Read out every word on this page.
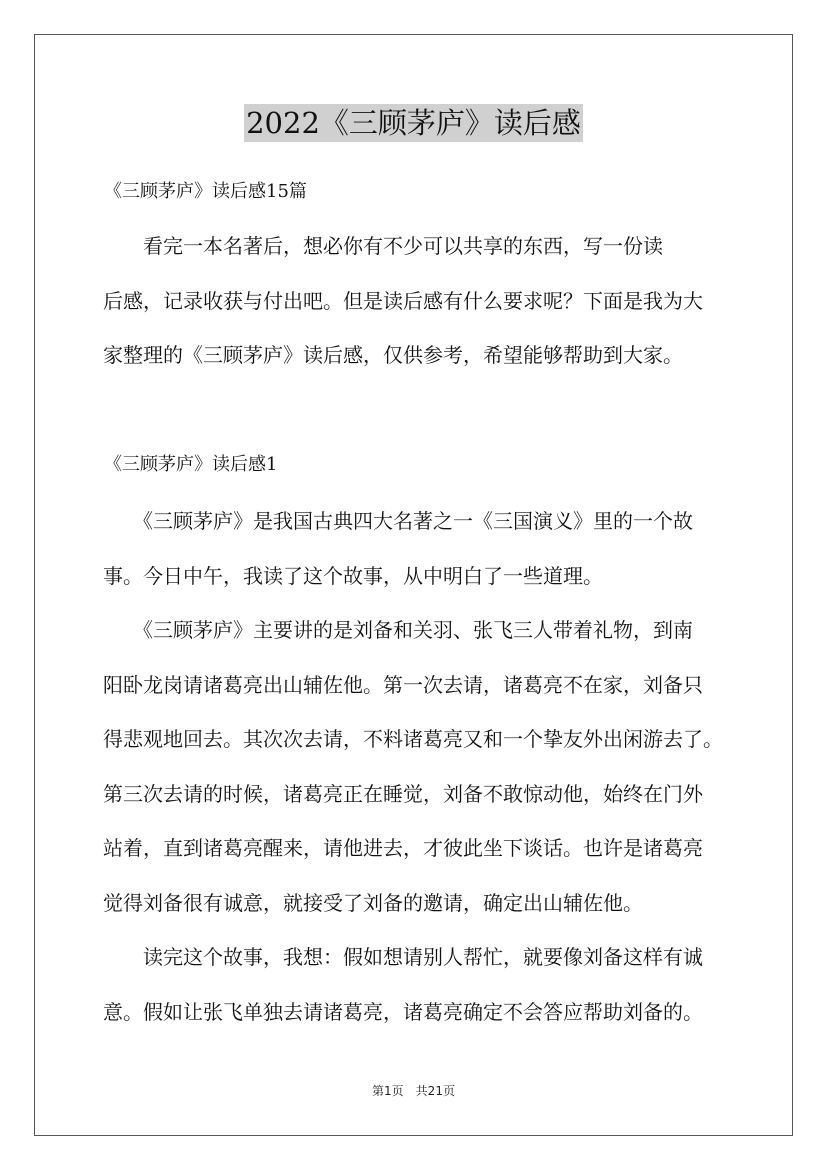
2022《三顾茅庐》读后感
《三顾茅庐》读后感15篇
　　看完一本名著后，想必你有不少可以共享的东西，写一份读
后感，记录收获与付出吧。但是读后感有什么要求呢？下面是我为大
家整理的《三顾茅庐》读后感，仅供参考，希望能够帮助到大家。
《三顾茅庐》读后感1
　　《三顾茅庐》是我国古典四大名著之一《三国演义》里的一个故
事。今日中午，我读了这个故事，从中明白了一些道理。
　　《三顾茅庐》主要讲的是刘备和关羽、张飞三人带着礼物，到南
阳卧龙岗请诸葛亮出山辅佐他。第一次去请，诸葛亮不在家，刘备只
得悲观地回去。其次次去请，不料诸葛亮又和一个挚友外出闲游去了。
第三次去请的时候，诸葛亮正在睡觉，刘备不敢惊动他，始终在门外
站着，直到诸葛亮醒来，请他进去，才彼此坐下谈话。也许是诸葛亮
觉得刘备很有诚意，就接受了刘备的邀请，确定出山辅佐他。
　　读完这个故事，我想：假如想请别人帮忙，就要像刘备这样有诚
意。假如让张飞单独去请诸葛亮，诸葛亮确定不会答应帮助刘备的。
第1页　共21页
